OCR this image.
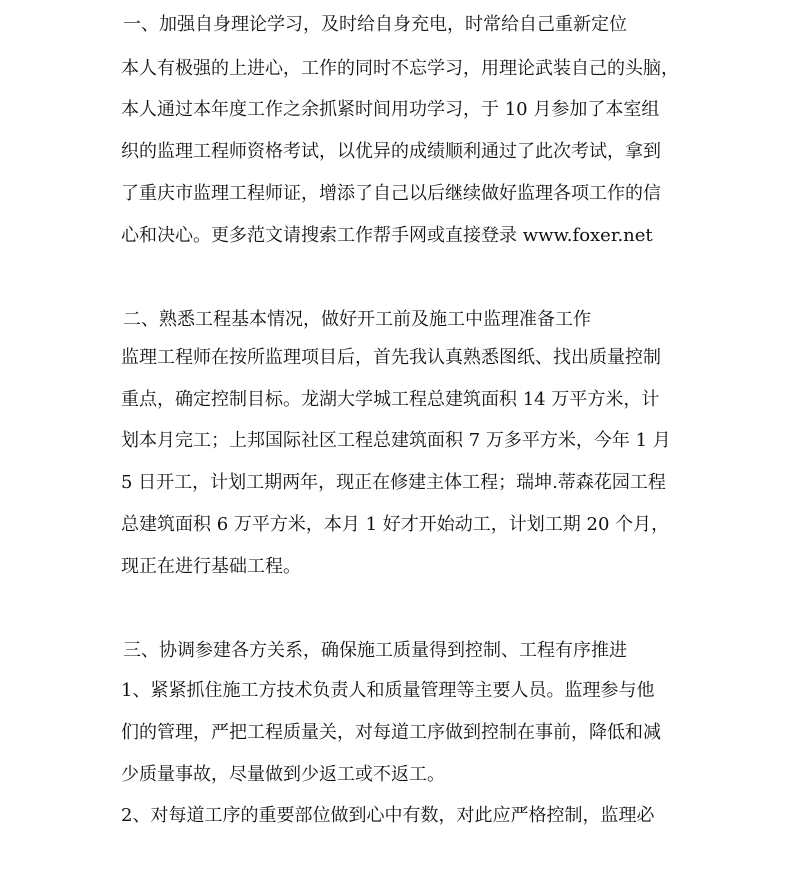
一、加强自身理论学习，及时给自身充电，时常给自己重新定位
本人有极强的上进心，工作的同时不忘学习，用理论武装自己的头脑，
本人通过本年度工作之余抓紧时间用功学习，于 10 月参加了本室组
织的监理工程师资格考试，以优异的成绩顺利通过了此次考试，拿到
了重庆市监理工程师证，增添了自己以后继续做好监理各项工作的信
心和决心。更多范文请搜索工作帮手网或直接登录 www.foxer.net
二、熟悉工程基本情况，做好开工前及施工中监理准备工作
监理工程师在按所监理项目后，首先我认真熟悉图纸、找出质量控制
重点，确定控制目标。龙湖大学城工程总建筑面积 14 万平方米，计
划本月完工；上邦国际社区工程总建筑面积 7 万多平方米，今年 1 月
5 日开工，计划工期两年，现正在修建主体工程；瑞坤.蒂森花园工程
总建筑面积 6 万平方米，本月 1 好才开始动工，计划工期 20 个月，
现正在进行基础工程。
三、协调参建各方关系，确保施工质量得到控制、工程有序推进
1、紧紧抓住施工方技术负责人和质量管理等主要人员。监理参与他
们的管理，严把工程质量关，对每道工序做到控制在事前，降低和减
少质量事故，尽量做到少返工或不返工。
2、对每道工序的重要部位做到心中有数，对此应严格控制，监理必
